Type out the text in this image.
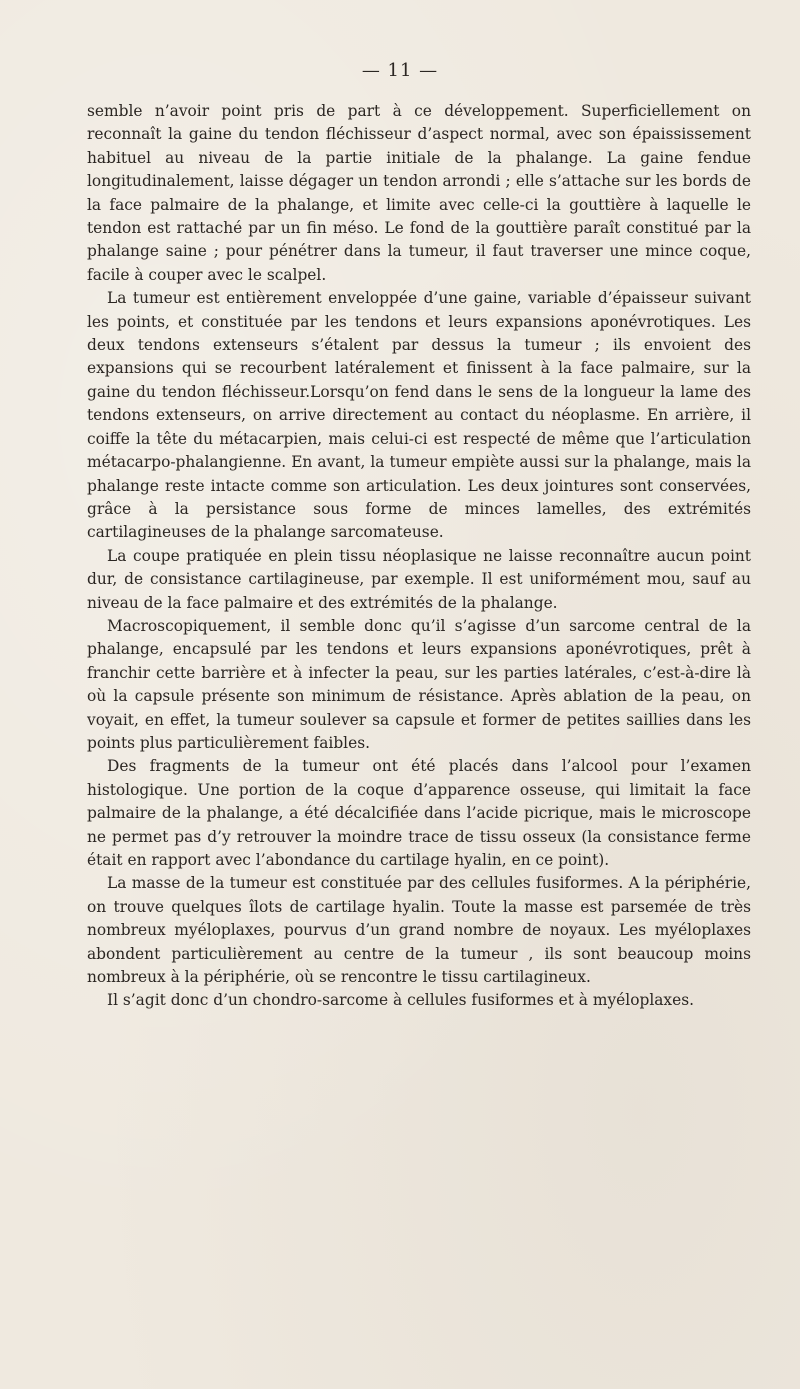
— 11 —

semble n’avoir point pris de part à ce développement. Superficiellement on reconnaît la gaine du tendon fléchisseur d’aspect normal, avec son épaississement habituel au niveau de la partie initiale de la phalange. La gaine fendue longitudinalement, laisse dégager un tendon arrondi ; elle s’attache sur les bords de la face palmaire de la phalange, et limite avec celle-ci la gouttière à laquelle le tendon est rattaché par un fin méso. Le fond de la gouttière paraît constitué par la phalange saine ; pour pénétrer dans la tumeur, il faut traverser une mince coque, facile à couper avec le scalpel.

La tumeur est entièrement enveloppée d’une gaine, variable d’épaisseur suivant les points, et constituée par les tendons et leurs expansions aponévrotiques. Les deux tendons extenseurs s’étalent par dessus la tumeur ; ils envoient des expansions qui se recourbent latéralement et finissent à la face palmaire, sur la gaine du tendon fléchisseur.Lorsqu’on fend dans le sens de la longueur la lame des tendons extenseurs, on arrive directement au contact du néoplasme. En arrière, il coiffe la tête du métacarpien, mais celui-ci est respecté de même que l’articulation métacarpo-phalangienne. En avant, la tumeur empiète aussi sur la phalange, mais la phalange reste intacte comme son articulation. Les deux jointures sont conservées, grâce à la persistance sous forme de minces lamelles, des extrémités cartilagineuses de la phalange sarcomateuse.

La coupe pratiquée en plein tissu néoplasique ne laisse reconnaître aucun point dur, de consistance cartilagineuse, par exemple. Il est uniformément mou, sauf au niveau de la face palmaire et des extrémités de la phalange.

Macroscopiquement, il semble donc qu’il s’agisse d’un sarcome central de la phalange, encapsulé par les tendons et leurs expansions aponévrotiques, prêt à franchir cette barrière et à infecter la peau, sur les parties latérales, c’est-à-dire là où la capsule présente son minimum de résistance. Après ablation de la peau, on voyait, en effet, la tumeur soulever sa capsule et former de petites saillies dans les points plus particulièrement faibles.

Des fragments de la tumeur ont été placés dans l’alcool pour l’examen histologique. Une portion de la coque d’apparence osseuse, qui limitait la face palmaire de la phalange, a été décalcifiée dans l’acide picrique, mais le microscope ne permet pas d’y retrouver la moindre trace de tissu osseux (la consistance ferme était en rapport avec l’abondance du cartilage hyalin, en ce point).

La masse de la tumeur est constituée par des cellules fusiformes. A la périphérie, on trouve quelques îlots de cartilage hyalin. Toute la masse est parsemée de très nombreux myéloplaxes, pourvus d’un grand nombre de noyaux. Les myéloplaxes abondent particulièrement au centre de la tumeur , ils sont beaucoup moins nombreux à la périphérie, où se rencontre le tissu cartilagineux.

Il s’agit donc d’un chondro-sarcome à cellules fusiformes et à myéloplaxes.
